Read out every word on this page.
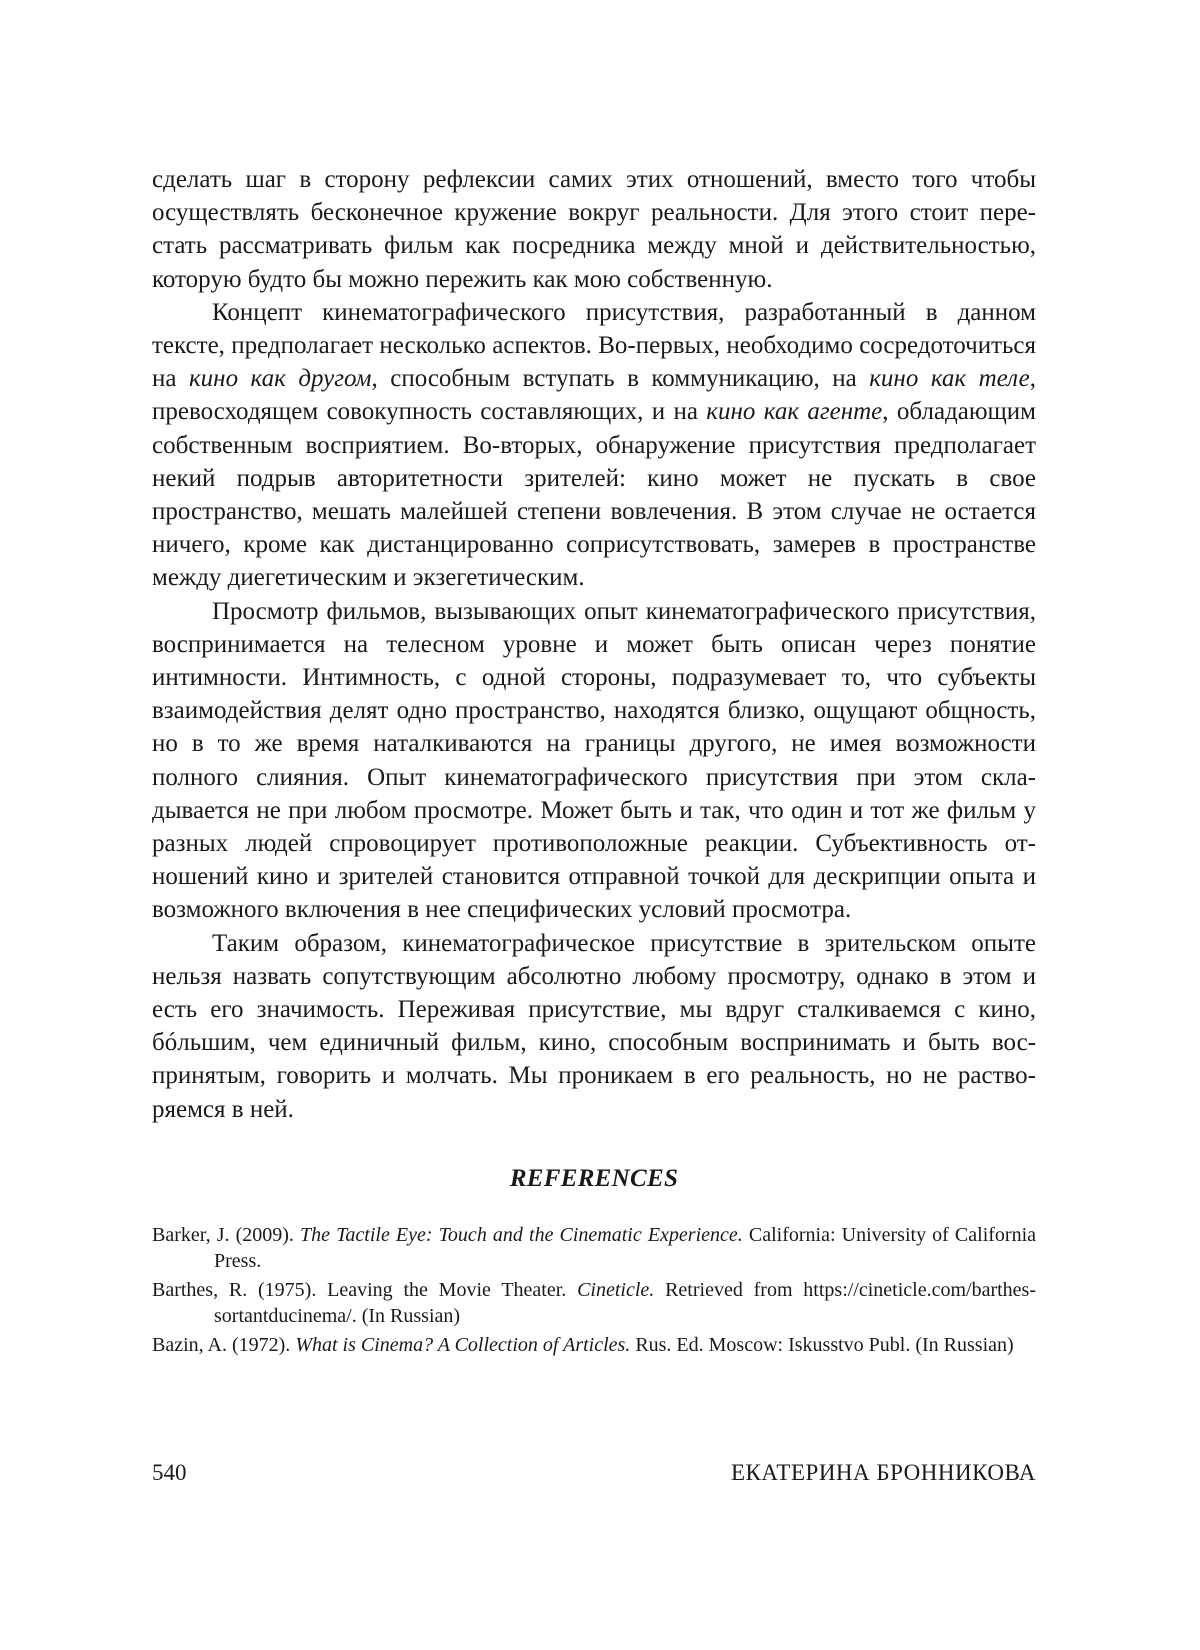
сделать шаг в сторону рефлексии самих этих отношений, вместо того чтобы осуществлять бесконечное кружение вокруг реальности. Для этого стоит пере­стать рассматривать фильм как посредника между мной и действительностью, которую будто бы можно пережить как мою собственную.

Концепт кинематографического присутствия, разработанный в данном тексте, предполагает несколько аспектов. Во-первых, необходимо сосредото­читься на кино как другом, способным вступать в коммуникацию, на кино как теле, превосходящем совокупность составляющих, и на кино как агенте, об­ладающим собственным восприятием. Во-вторых, обнаружение присутствия предполагает некий подрыв авторитетности зрителей: кино может не пускать в свое пространство, мешать малейшей степени вовлечения. В этом случае не остается ничего, кроме как дистанцированно соприсутствовать, замерев в про­странстве между диегетическим и экзегетическим.

Просмотр фильмов, вызывающих опыт кинематографического присут­ствия, воспринимается на телесном уровне и может быть описан через понятие интимности. Интимность, с одной стороны, подразумевает то, что субъекты взаимодействия делят одно пространство, находятся близко, ощущают общ­ность, но в то же время наталкиваются на границы другого, не имея возможно­сти полного слияния. Опыт кинематографического присутствия при этом скла­дывается не при любом просмотре. Может быть и так, что один и тот же фильм у разных людей спровоцирует противоположные реакции. Субъективность от­ношений кино и зрителей становится отправной точкой для дескрипции опыта и возможного включения в нее специфических условий просмотра.

Таким образом, кинематографическое присутствие в зрительском опыте нельзя назвать сопутствующим абсолютно любому просмотру, однако в этом и есть его значимость. Переживая присутствие, мы вдруг сталкиваемся с кино, бóльшим, чем единичный фильм, кино, способным воспринимать и быть вос­принятым, говорить и молчать. Мы проникаем в его реальность, но не раство­ряемся в ней.

REFERENCES

Barker, J. (2009). The Tactile Eye: Touch and the Cinematic Experience. California: University of Cali­fornia Press.

Barthes, R. (1975). Leaving the Movie Theater. Cineticle. Retrieved from https://cineticle.com/barthes-sortantducinema/. (In Russian)

Bazin, A. (1972). What is Cinema? A Collection of Articles. Rus. Ed. Moscow: Iskusstvo Publ. (In Rus­sian)

540	ЕКАТЕРИНА БРОННИКОВА
